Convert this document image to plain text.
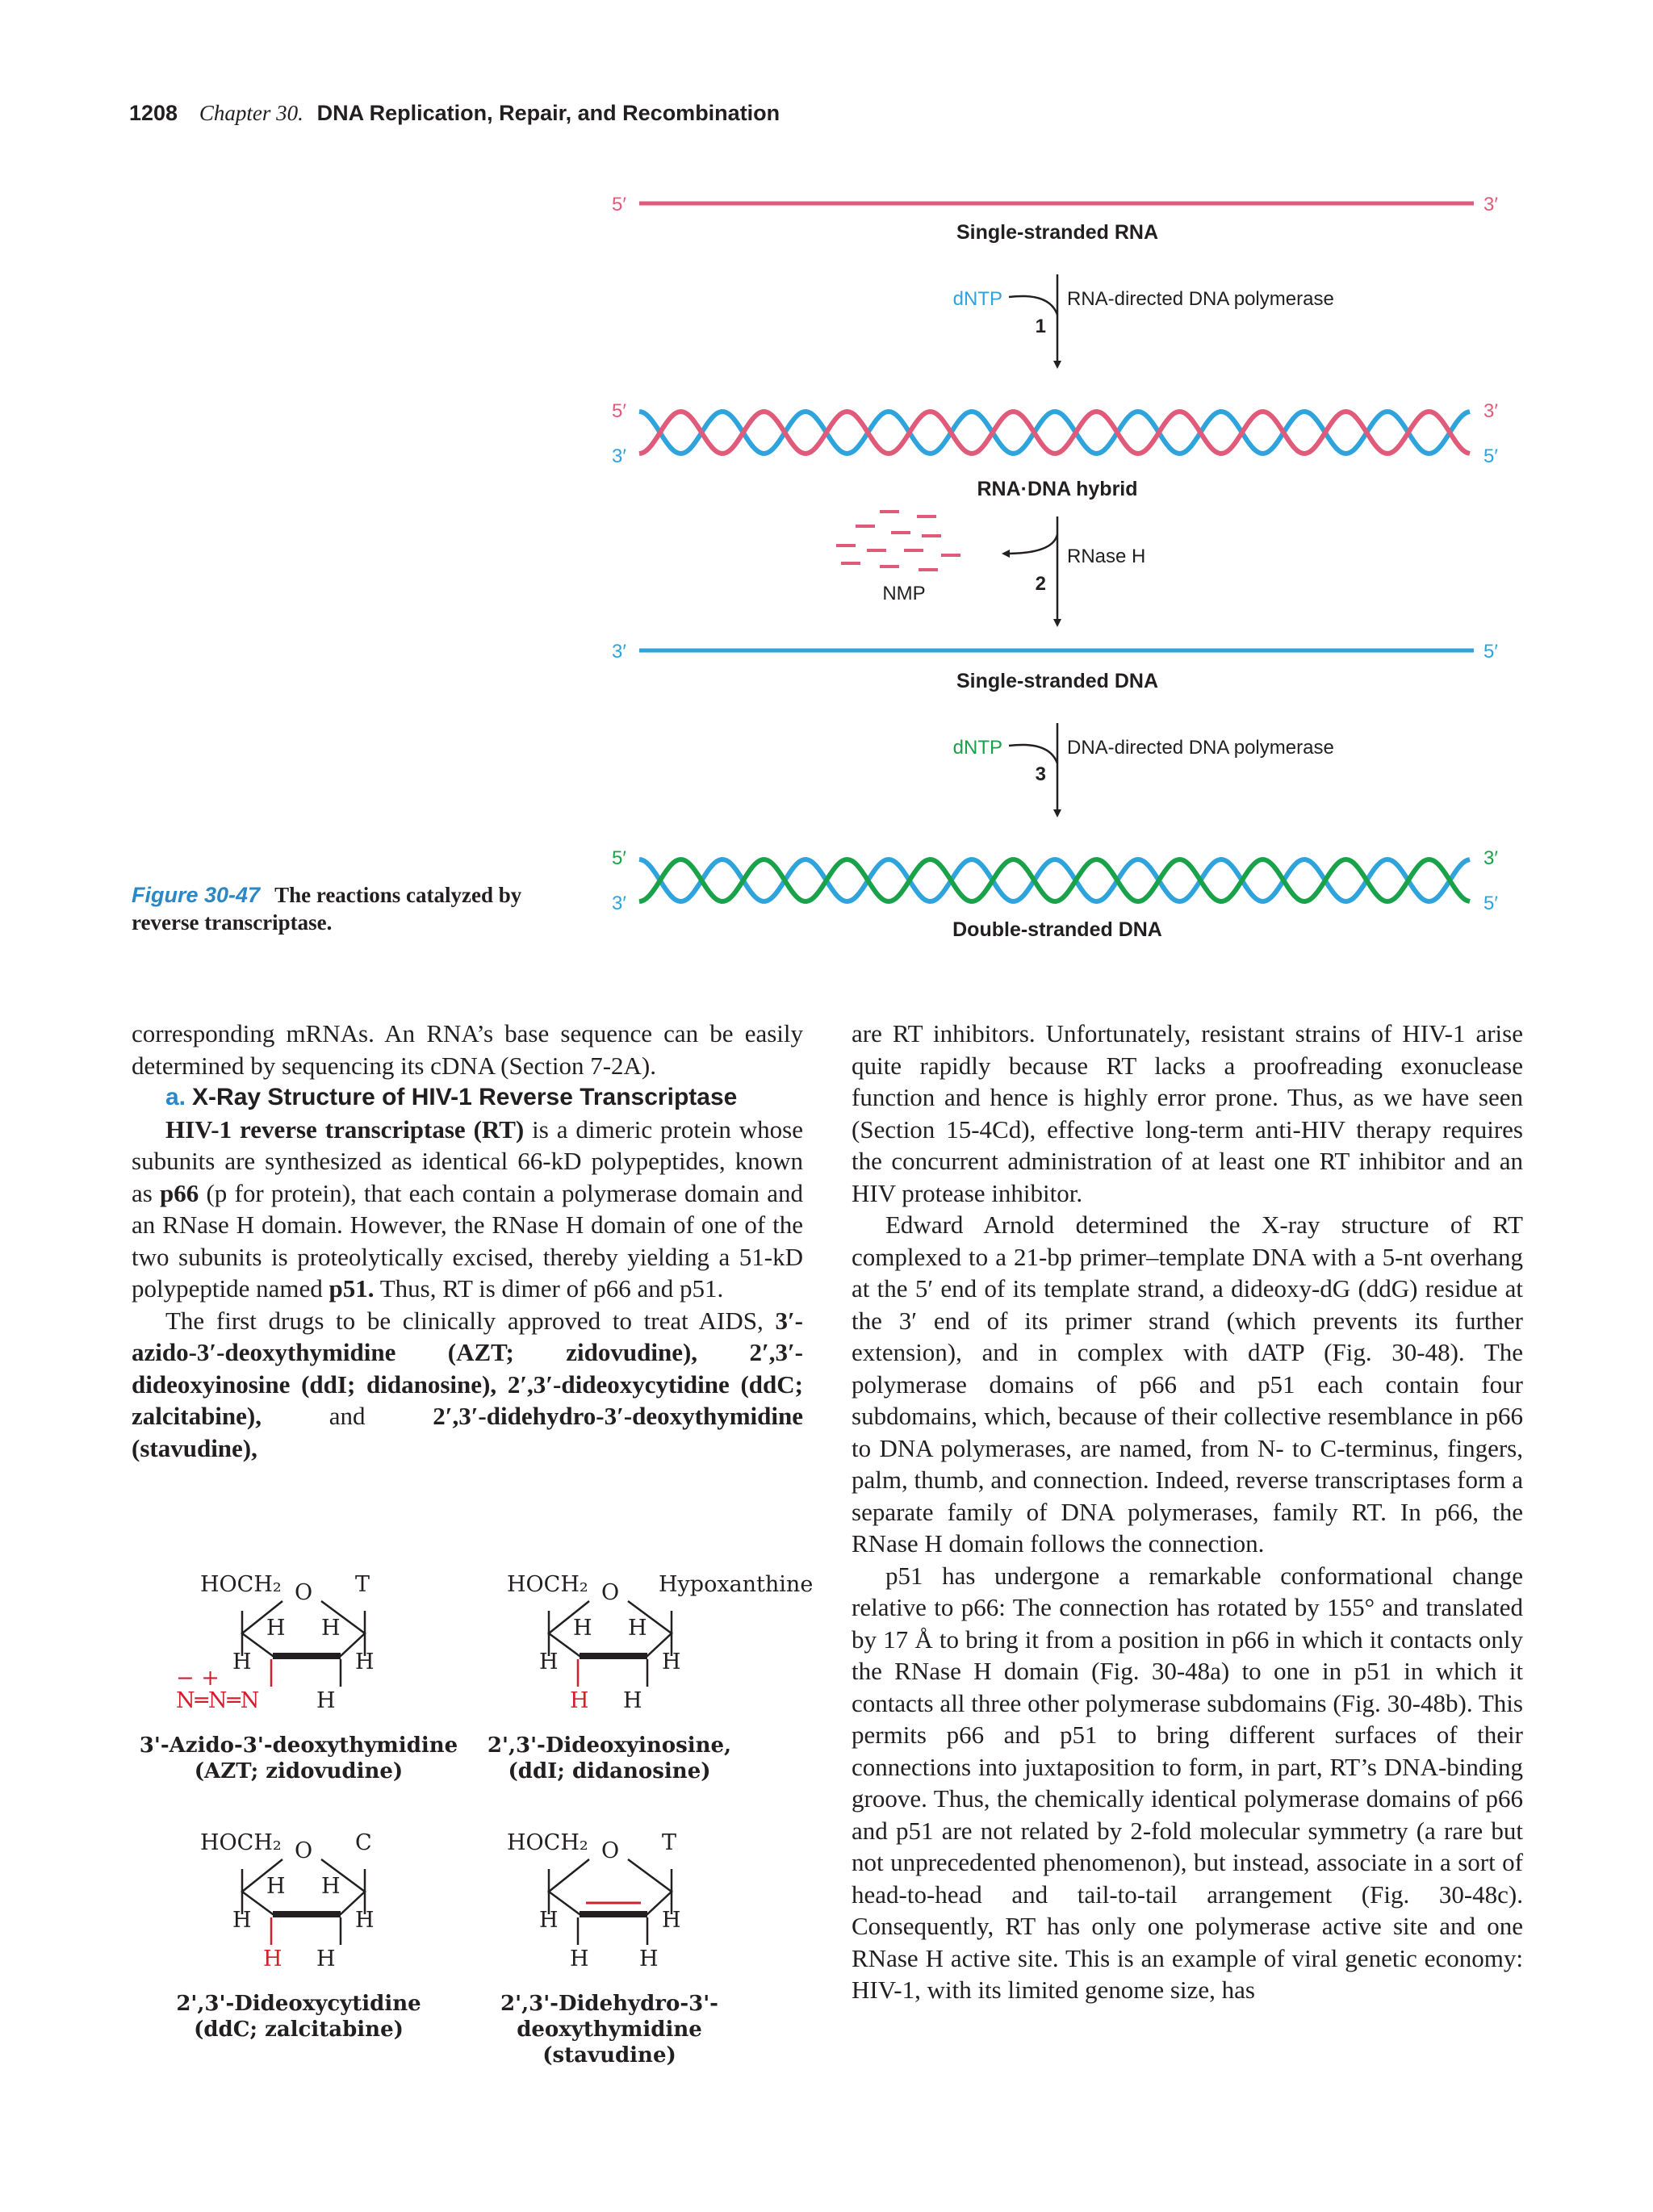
1208 Chapter 30. DNA Replication, Repair, and Recombination
5′	3′
Single-stranded RNA
dNTP	RNA-directed DNA polymerase
1
5′
3′
3′
5′
RNA·DNA hybrid
RNase H
2
NMP
3′	5′
Single-stranded DNA
dNTP	DNA-directed DNA polymerase
3
5′
3′
3′
5′
Double-stranded DNA
Figure 30-47 The reactions catalyzed by reverse transcriptase.

corresponding mRNAs. An RNA’s base sequence can be easily determined by sequencing its cDNA (Section 7-2A).

a. X-Ray Structure of HIV-1 Reverse Transcriptase

HIV-1 reverse transcriptase (RT) is a dimeric protein whose subunits are synthesized as identical 66-kD polypeptides, known as p66 (p for protein), that each contain a polymerase domain and an RNase H domain. However, the RNase H domain of one of the two subunits is proteolytically excised, thereby yielding a 51-kD polypeptide named p51. Thus, RT is dimer of p66 and p51.

The first drugs to be clinically approved to treat AIDS, 3′-azido-3′-deoxythymidine (AZT; zidovudine), 2′,3′-dideoxyinosine (ddI; didanosine), 2′,3′-dideoxycytidine (ddC; zalcitabine), and 2′,3′-didehydro-3′-deoxythymidine (stavudine),

HOCH₂ O T
H H
H	H
− +
N═N═N	H
HOCH₂ O Hypoxanthine
H H
H	H
H H
HOCH₂ O C
H H
H	H
H H
HOCH₂ O T
H	H
H H
3'-Azido-3'-deoxythymidine
(AZT; zidovudine)
2',3'-Dideoxyinosine,
(ddI; didanosine)
2',3'-Dideoxycytidine
(ddC; zalcitabine)
2',3'-Didehydro-3'-
deoxythymidine
(stavudine)

are RT inhibitors. Unfortunately, resistant strains of HIV-1 arise quite rapidly because RT lacks a proofreading exonuclease function and hence is highly error prone. Thus, as we have seen (Section 15-4Cd), effective long-term anti-HIV therapy requires the concurrent administration of at least one RT inhibitor and an HIV protease inhibitor.

Edward Arnold determined the X-ray structure of RT complexed to a 21-bp primer–template DNA with a 5-nt overhang at the 5′ end of its template strand, a dideoxy-dG (ddG) residue at the 3′ end of its primer strand (which prevents its further extension), and in complex with dATP (Fig. 30-48). The polymerase domains of p66 and p51 each contain four subdomains, which, because of their collective resemblance in p66 to DNA polymerases, are named, from N- to C-terminus, fingers, palm, thumb, and connection. Indeed, reverse transcriptases form a separate family of DNA polymerases, family RT. In p66, the RNase H domain follows the connection.

p51 has undergone a remarkable conformational change relative to p66: The connection has rotated by 155° and translated by 17 Å to bring it from a position in p66 in which it contacts only the RNase H domain (Fig. 30-48a) to one in p51 in which it contacts all three other polymerase subdomains (Fig. 30-48b). This permits p66 and p51 to bring different surfaces of their connections into juxtaposition to form, in part, RT’s DNA-binding groove. Thus, the chemically identical polymerase domains of p66 and p51 are not related by 2-fold molecular symmetry (a rare but not unprecedented phenomenon), but instead, associate in a sort of head-to-head and tail-to-tail arrangement (Fig. 30-48c). Consequently, RT has only one polymerase active site and one RNase H active site. This is an example of viral genetic economy: HIV-1, with its limited genome size, has
